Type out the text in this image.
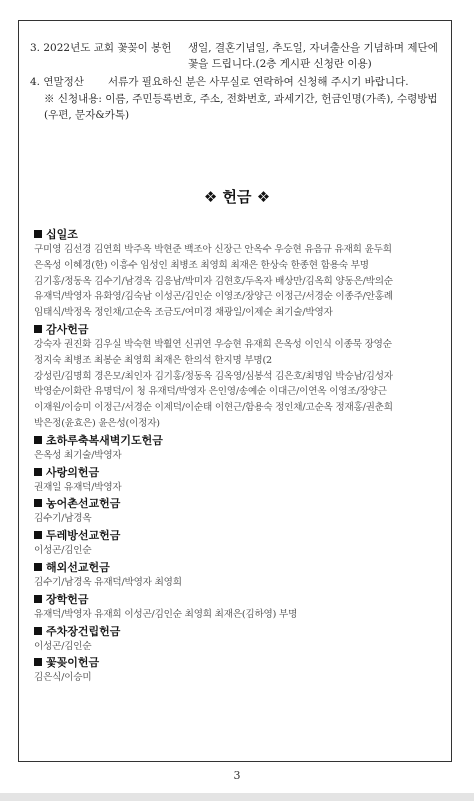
3. 2022년도 교회 꽃꽂이 봉헌	생일, 결혼기념일, 추도일, 자녀출산을 기념하며 제단에
꽃을 드립니다.(2층 게시판 신청란 이용)
4. 연말정산	서류가 필요하신 분은 사무실로 연락하여 신청해 주시기 바랍니다.
※ 신청내용: 이름, 주민등록번호, 주소, 전화번호, 과세기간, 헌금인명(가족), 수령방법
(우편, 문자&카톡)
❖ 헌금 ❖
십일조
구미영 김선경 김연희 박주옥 박현준 백조아 신장근 안옥수 우승현 유음규 유재희 윤두희
은옥성 이혜경(한) 이흥수 임성인 최병조 최영희 최재은 한상숙 한종현 함용숙 부명
김기홍/정동옥 김수기/남경옥 김응남/박미자 김현호/두옥자 배상만/김옥희 양동은/박의순
유재덕/박영자 유화영/김숙남 이성곤/김인순 이영조/장양근 이정근/서경순 이종주/안홍례
임태식/박정옥 정인채/고순옥 조금도/여미경 채광일/이제순 최기술/박영자
감사헌금
강숙자 권진화 김우실 박숙현 박휠연 신귀연 우승현 유재희 은옥성 이인식 이종묵 장영순
정지숙 최병조 최봉순 최영희 최재은 한의석 한지명 부명(2
강성린/김명희 경은모/최인자 김기홍/정동옥 김옥영/심봉석 김은호/최명임 박승남/김성자
박영순/이화란 유명덕/이 청 유재덕/박영자 은인영/송예순 이대근/이연옥 이영조/장양근
이재원/이승미 이정근/서경순 이제덕/이순태 이현근/함용숙 정인채/고순옥 정재홍/권춘희
박은정(윤효은) 윤은성(이정자)
초하루축복새벽기도헌금
은옥성 최기술/박영자
사랑의헌금
권재일 유재덕/박영자
농어촌선교헌금
김수기/남경옥
두레방선교헌금
이성곤/김인순
해외선교헌금
김수기/남경옥 유재덕/박영자 최영희
장학헌금
유재덕/박영자 유재희 이성곤/김인순 최영희 최재은(김하영) 부명
주차장건립헌금
이성곤/김인순
꽃꽂이헌금
김은식/이승미
3
